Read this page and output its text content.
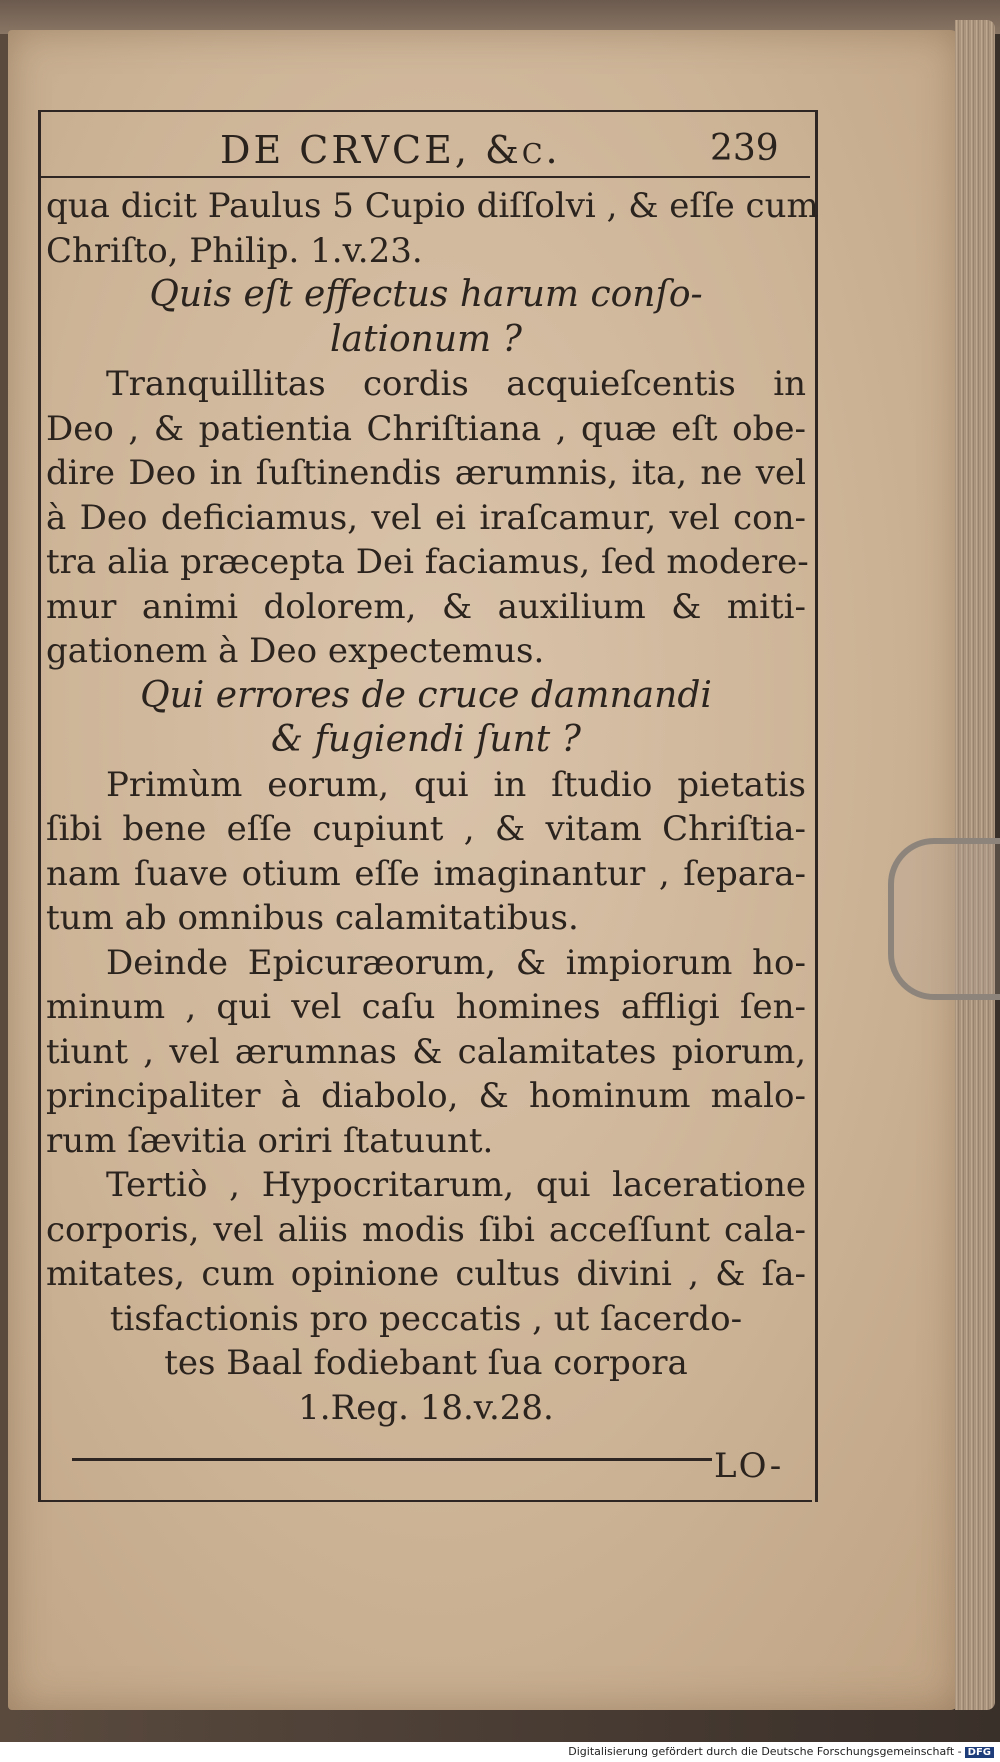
DE CRVCE, &c.	239
qua dicit Paulus 5 Cupio diſſolvi , & eſſe cum
Chriſto, Philip. 1.v.23.
Quis eſt effectus harum conſo-
lationum ?
Tranquillitas cordis acquieſcentis in
Deo , & patientia Chriſtiana , quæ eſt obe-
dire Deo in ſuſtinendis ærumnis, ita, ne vel
à Deo deficiamus, vel ei iraſcamur, vel con-
tra alia præcepta Dei faciamus, ſed modere-
mur animi dolorem, & auxilium & miti-
gationem à Deo expectemus.
Qui errores de cruce damnandi
& fugiendi ſunt ?
Primùm eorum, qui in ſtudio pietatis
ſibi bene eſſe cupiunt , & vitam Chriſtia-
nam ſuave otium eſſe imaginantur , ſepara-
tum ab omnibus calamitatibus.
Deinde Epicuræorum, & impiorum ho-
minum , qui vel caſu homines affligi ſen-
tiunt , vel ærumnas & calamitates piorum,
principaliter à diabolo, & hominum malo-
rum ſævitia oriri ſtatuunt.
Tertiò , Hypocritarum, qui laceratione
corporis, vel aliis modis ſibi acceſſunt cala-
mitates, cum opinione cultus divini , & ſa-
tisfactionis pro peccatis , ut ſacerdo-
tes Baal fodiebant ſua corpora
1.Reg. 18.v.28.
LO-
Digitalisierung gefördert durch die Deutsche Forschungsgemeinschaft - DFG
